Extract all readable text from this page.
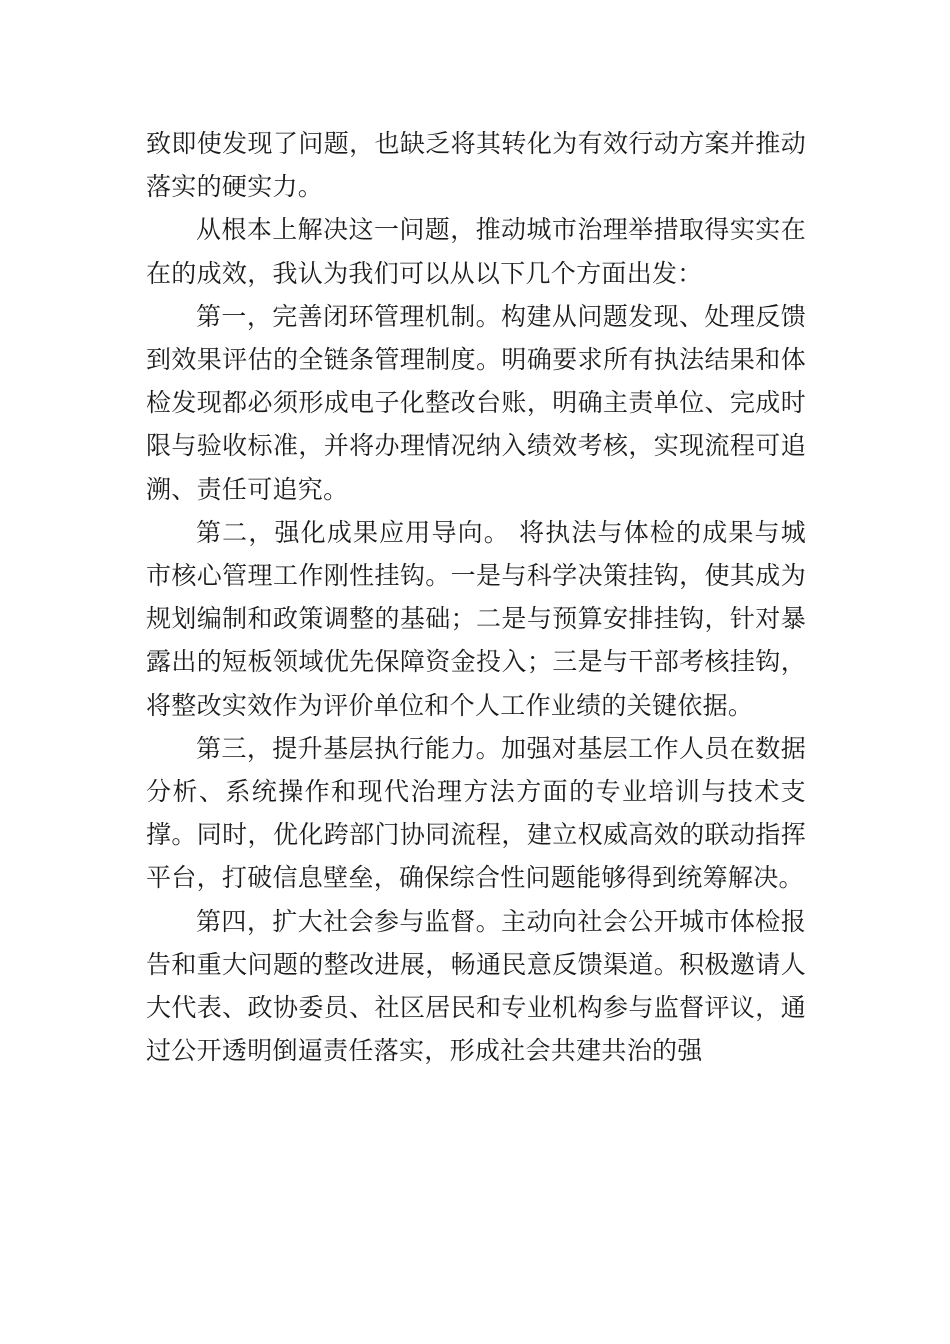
致即使发现了问题，也缺乏将其转化为有效行动方案并推动落实的硬实力。

从根本上解决这一问题，推动城市治理举措取得实实在在的成效，我认为我们可以从以下几个方面出发：

第一，完善闭环管理机制。构建从问题发现、处理反馈到效果评估的全链条管理制度。明确要求所有执法结果和体检发现都必须形成电子化整改台账，明确主责单位、完成时限与验收标准，并将办理情况纳入绩效考核，实现流程可追溯、责任可追究。

第二，强化成果应用导向。 将执法与体检的成果与城市核心管理工作刚性挂钩。一是与科学决策挂钩，使其成为规划编制和政策调整的基础；二是与预算安排挂钩，针对暴露出的短板领域优先保障资金投入；三是与干部考核挂钩，将整改实效作为评价单位和个人工作业绩的关键依据。

第三，提升基层执行能力。加强对基层工作人员在数据分析、系统操作和现代治理方法方面的专业培训与技术支撑。同时，优化跨部门协同流程，建立权威高效的联动指挥平台，打破信息壁垒，确保综合性问题能够得到统筹解决。

第四，扩大社会参与监督。主动向社会公开城市体检报告和重大问题的整改进展，畅通民意反馈渠道。积极邀请人大代表、政协委员、社区居民和专业机构参与监督评议，通过公开透明倒逼责任落实，形成社会共建共治的强
